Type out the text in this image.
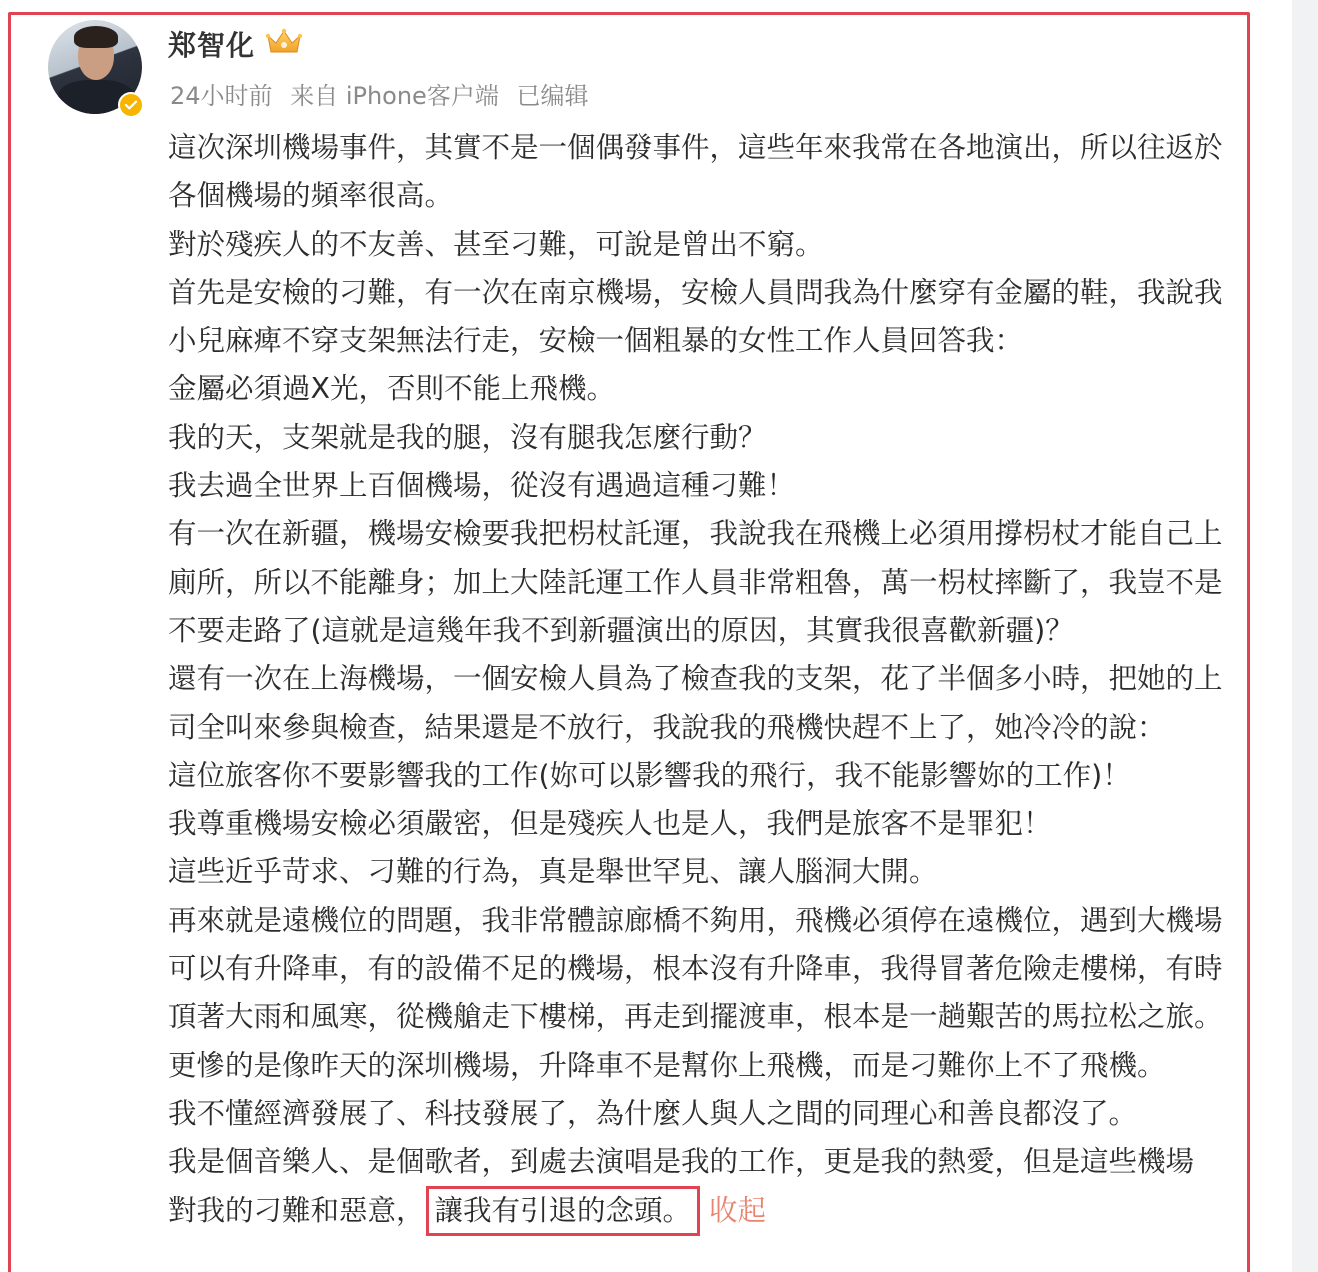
郑智化
24小时前 来自 iPhone客户端 已编辑

這次深圳機場事件，其實不是一個偶發事件，這些年來我常在各地演出，所以往返於各個機場的頻率很高。

對於殘疾人的不友善、甚至刁難，可說是曾出不窮。

首先是安檢的刁難，有一次在南京機場，安檢人員問我為什麼穿有金屬的鞋，我說我小兒麻痺不穿支架無法行走，安檢一個粗暴的女性工作人員回答我：

金屬必須過X光，否則不能上飛機。

我的天，支架就是我的腿，沒有腿我怎麼行動？

我去過全世界上百個機場，從沒有遇過這種刁難！

有一次在新疆，機場安檢要我把枴杖託運，我說我在飛機上必須用撐枴杖才能自己上廁所，所以不能離身；加上大陸託運工作人員非常粗魯，萬一枴杖摔斷了，我豈不是不要走路了(這就是這幾年我不到新疆演出的原因，其實我很喜歡新疆)？

還有一次在上海機場，一個安檢人員為了檢查我的支架，花了半個多小時，把她的上司全叫來參與檢查，結果還是不放行，我說我的飛機快趕不上了，她冷冷的說：

這位旅客你不要影響我的工作(妳可以影響我的飛行，我不能影響妳的工作)！

我尊重機場安檢必須嚴密，但是殘疾人也是人，我們是旅客不是罪犯！

這些近乎苛求、刁難的行為，真是舉世罕見、讓人腦洞大開。

再來就是遠機位的問題，我非常體諒廊橋不夠用，飛機必須停在遠機位，遇到大機場可以有升降車，有的設備不足的機場，根本沒有升降車，我得冒著危險走樓梯，有時頂著大雨和風寒，從機艙走下樓梯，再走到擺渡車，根本是一趟艱苦的馬拉松之旅。更慘的是像昨天的深圳機場，升降車不是幫你上飛機，而是刁難你上不了飛機。

我不懂經濟發展了、科技發展了，為什麼人與人之間的同理心和善良都沒了。

我是個音樂人、是個歌者，到處去演唱是我的工作，更是我的熱愛，但是這些機場

對我的刁難和惡意， 讓我有引退的念頭。 收起
